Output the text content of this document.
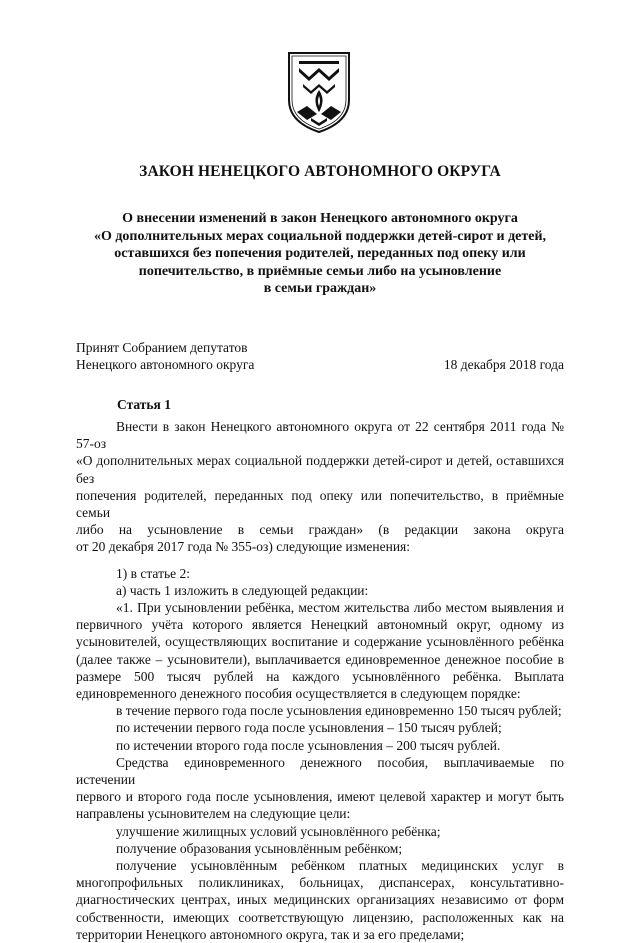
ЗАКОН НЕНЕЦКОГО АВТОНОМНОГО ОКРУГА
О внесении изменений в закон Ненецкого автономного округа
«О дополнительных мерах социальной поддержки детей-сирот и детей,
оставшихся без попечения родителей, переданных под опеку или
попечительство, в приёмные семьи либо на усыновление
в семьи граждан»
Принят Собранием депутатов
Ненецкого автономного округа	18 декабря 2018 года
Статья 1

Внести в закон Ненецкого автономного округа от 22 сентября 2011 года № 57-оз

«О дополнительных мерах социальной поддержки детей-сирот и детей, оставшихся без

попечения родителей, переданных под опеку или попечительство, в приёмные семьи

либо на усыновление в семьи граждан» (в редакции закона округа

от 20 декабря 2017 года № 355-оз) следующие изменения:

1) в статье 2:

а) часть 1 изложить в следующей редакции:

«1. При усыновлении ребёнка, местом жительства либо местом выявления и

первичного учёта которого является Ненецкий автономный округ, одному из

усыновителей, осуществляющих воспитание и содержание усыновлённого ребёнка

(далее также – усыновители), выплачивается единовременное денежное пособие в

размере 500 тысяч рублей на каждого усыновлённого ребёнка. Выплата

единовременного денежного пособия осуществляется в следующем порядке:

в течение первого года после усыновления единовременно 150 тысяч рублей;

по истечении первого года после усыновления – 150 тысяч рублей;

по истечении второго года после усыновления – 200 тысяч рублей.

Средства единовременного денежного пособия, выплачиваемые по истечении

первого и второго года после усыновления, имеют целевой характер и могут быть

направлены усыновителем на следующие цели:

улучшение жилищных условий усыновлённого ребёнка;

получение образования усыновлённым ребёнком;

получение усыновлённым ребёнком платных медицинских услуг в

многопрофильных поликлиниках, больницах, диспансерах, консультативно-

диагностических центрах, иных медицинских организациях независимо от форм

собственности, имеющих соответствующую лицензию, расположенных как на

территории Ненецкого автономного округа, так и за его пределами;
